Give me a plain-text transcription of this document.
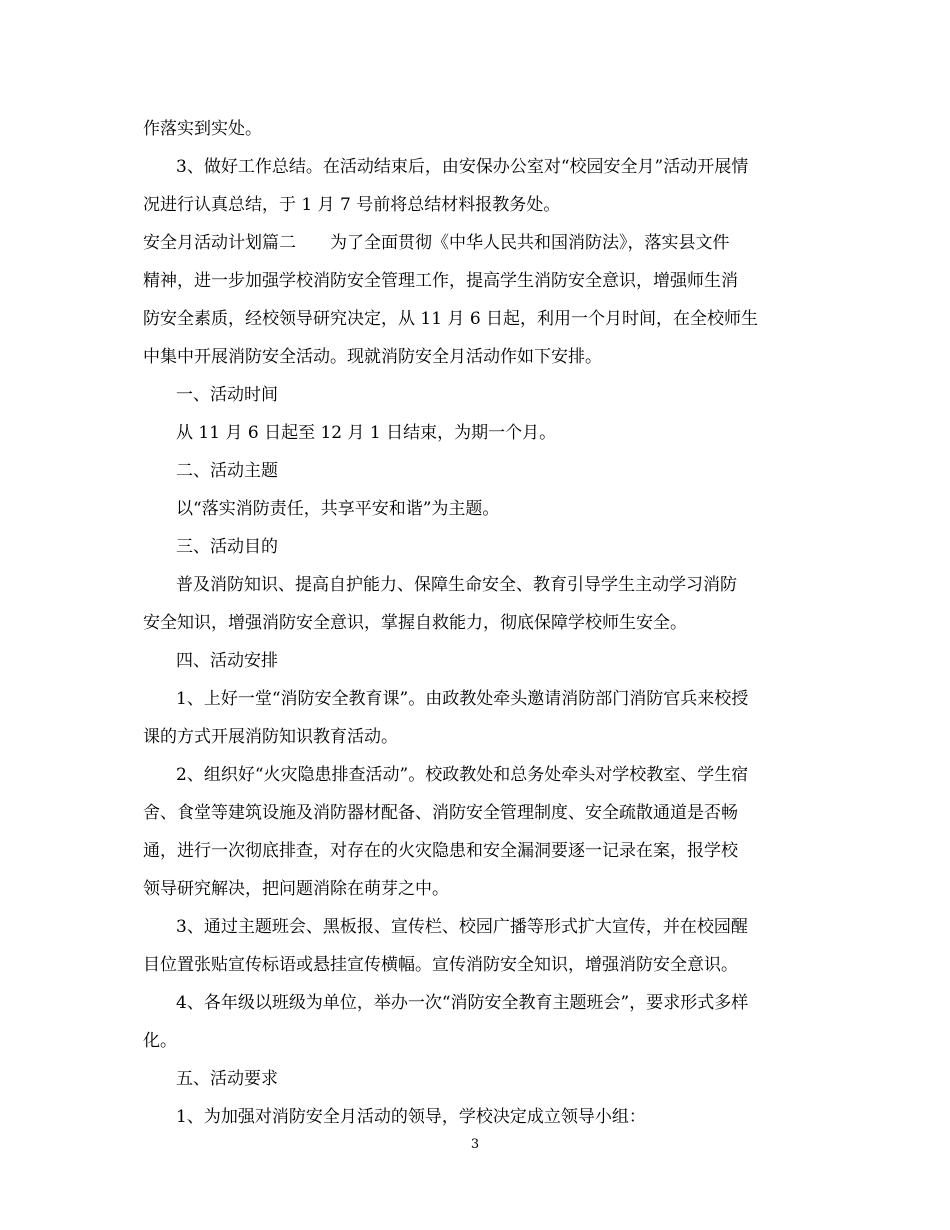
作落实到实处。
3、做好工作总结。在活动结束后，由安保办公室对“校园安全月”活动开展情
况进行认真总结，于 1 月 7 号前将总结材料报教务处。
安全月活动计划篇二　　为了全面贯彻《中华人民共和国消防法》，落实县文件
精神，进一步加强学校消防安全管理工作，提高学生消防安全意识，增强师生消
防安全素质，经校领导研究决定，从 11 月 6 日起，利用一个月时间，在全校师生
中集中开展消防安全活动。现就消防安全月活动作如下安排。
一、活动时间
从 11 月 6 日起至 12 月 1 日结束，为期一个月。
二、活动主题
以“落实消防责任，共享平安和谐”为主题。
三、活动目的
普及消防知识、提高自护能力、保障生命安全、教育引导学生主动学习消防
安全知识，增强消防安全意识，掌握自救能力，彻底保障学校师生安全。
四、活动安排
1、上好一堂“消防安全教育课”。由政教处牵头邀请消防部门消防官兵来校授
课的方式开展消防知识教育活动。
2、组织好“火灾隐患排查活动”。校政教处和总务处牵头对学校教室、学生宿
舍、食堂等建筑设施及消防器材配备、消防安全管理制度、安全疏散通道是否畅
通，进行一次彻底排查，对存在的火灾隐患和安全漏洞要逐一记录在案，报学校
领导研究解决，把问题消除在萌芽之中。
3、通过主题班会、黑板报、宣传栏、校园广播等形式扩大宣传，并在校园醒
目位置张贴宣传标语或悬挂宣传横幅。宣传消防安全知识，增强消防安全意识。
4、各年级以班级为单位，举办一次“消防安全教育主题班会”，要求形式多样
化。
五、活动要求
1、为加强对消防安全月活动的领导，学校决定成立领导小组：
3
